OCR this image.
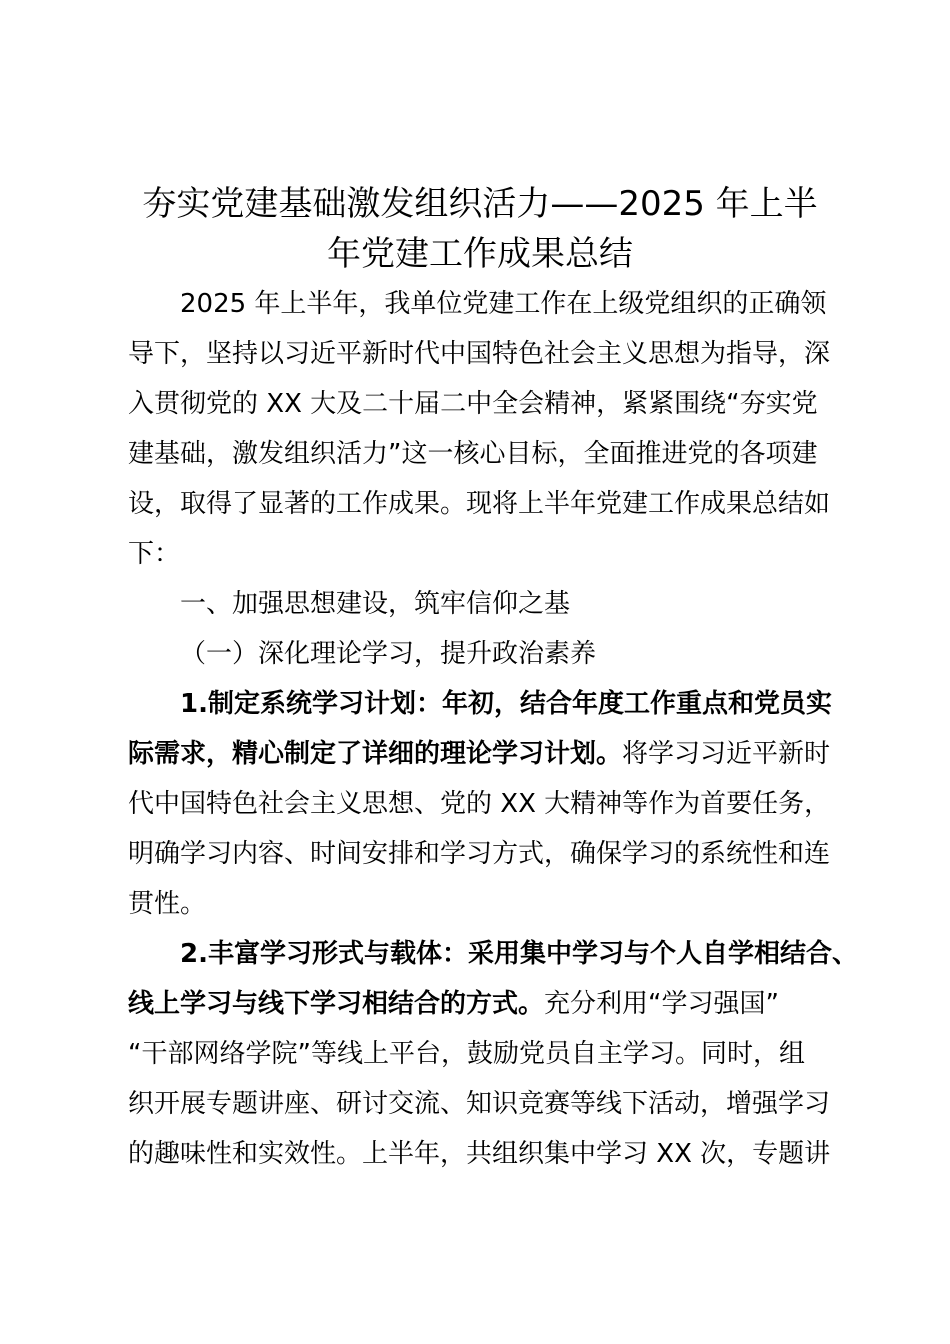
夯实党建基础激发组织活力——2025 年上半
年党建工作成果总结

2025 年上半年，我单位党建工作在上级党组织的正确领

导下，坚持以习近平新时代中国特色社会主义思想为指导，深

入贯彻党的 XX 大及二十届二中全会精神，紧紧围绕“夯实党

建基础，激发组织活力”这一核心目标，全面推进党的各项建

设，取得了显著的工作成果。现将上半年党建工作成果总结如

下：

一、加强思想建设，筑牢信仰之基

（一）深化理论学习，提升政治素养

1.制定系统学习计划：年初，结合年度工作重点和党员实

际需求，精心制定了详细的理论学习计划。将学习习近平新时

代中国特色社会主义思想、党的 XX 大精神等作为首要任务，

明确学习内容、时间安排和学习方式，确保学习的系统性和连

贯性。

2.丰富学习形式与载体：采用集中学习与个人自学相结合、

线上学习与线下学习相结合的方式。充分利用“学习强国”

“干部网络学院”等线上平台，鼓励党员自主学习。同时，组

织开展专题讲座、研讨交流、知识竞赛等线下活动，增强学习

的趣味性和实效性。上半年，共组织集中学习 XX 次，专题讲
